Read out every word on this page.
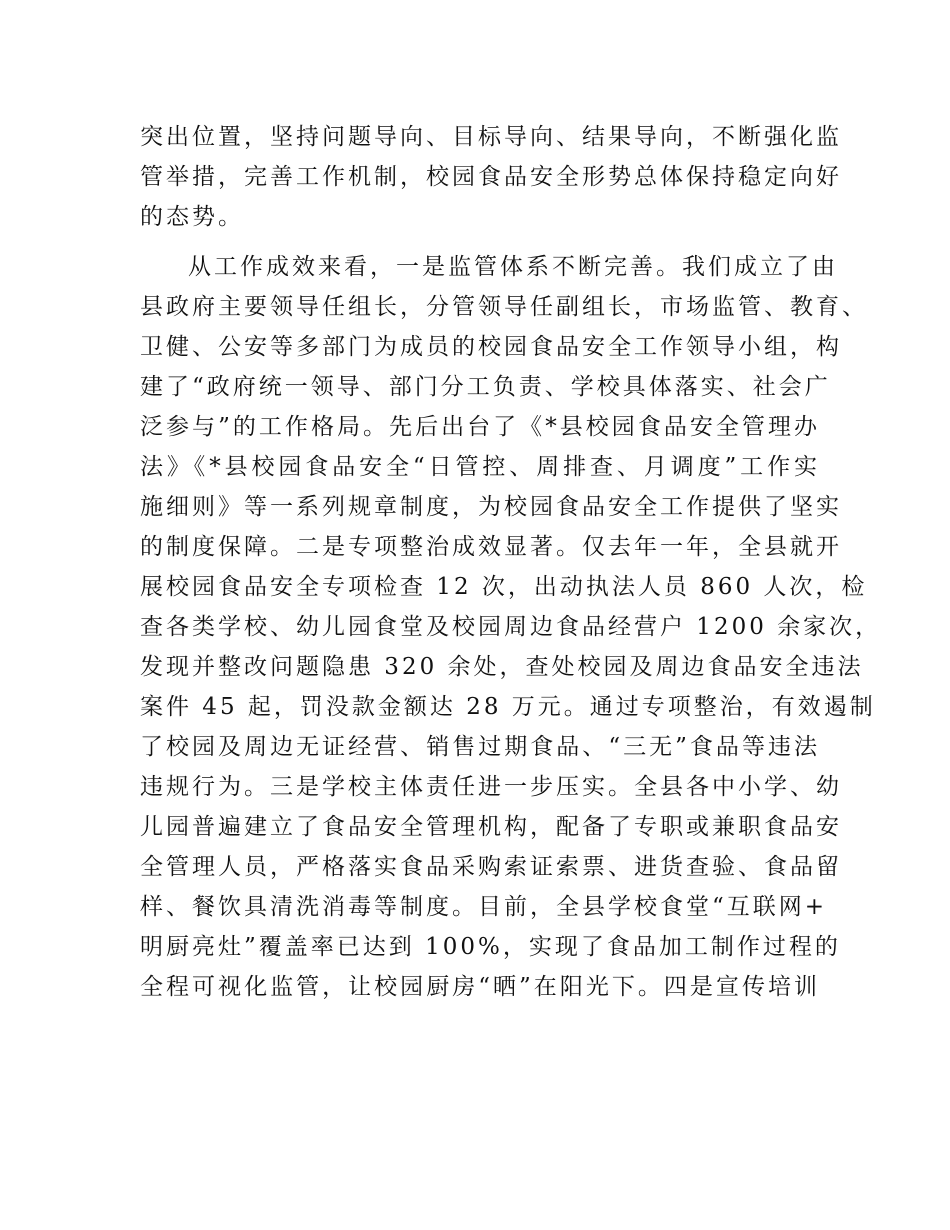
突出位置，坚持问题导向、目标导向、结果导向，不断强化监
管举措，完善工作机制，校园食品安全形势总体保持稳定向好
的态势。
从工作成效来看，一是监管体系不断完善。我们成立了由
县政府主要领导任组长，分管领导任副组长，市场监管、教育、
卫健、公安等多部门为成员的校园食品安全工作领导小组，构
建了“政府统一领导、部门分工负责、学校具体落实、社会广
泛参与”的工作格局。先后出台了《*县校园食品安全管理办
法》《*县校园食品安全“日管控、周排查、月调度”工作实
施细则》等一系列规章制度，为校园食品安全工作提供了坚实
的制度保障。二是专项整治成效显著。仅去年一年，全县就开
展校园食品安全专项检查 12 次，出动执法人员 860 人次，检
查各类学校、幼儿园食堂及校园周边食品经营户 1200 余家次，
发现并整改问题隐患 320 余处，查处校园及周边食品安全违法
案件 45 起，罚没款金额达 28 万元。通过专项整治，有效遏制
了校园及周边无证经营、销售过期食品、“三无”食品等违法
违规行为。三是学校主体责任进一步压实。全县各中小学、幼
儿园普遍建立了食品安全管理机构，配备了专职或兼职食品安
全管理人员，严格落实食品采购索证索票、进货查验、食品留
样、餐饮具清洗消毒等制度。目前，全县学校食堂“互联网+
明厨亮灶”覆盖率已达到 100%，实现了食品加工制作过程的
全程可视化监管，让校园厨房“晒”在阳光下。四是宣传培训
